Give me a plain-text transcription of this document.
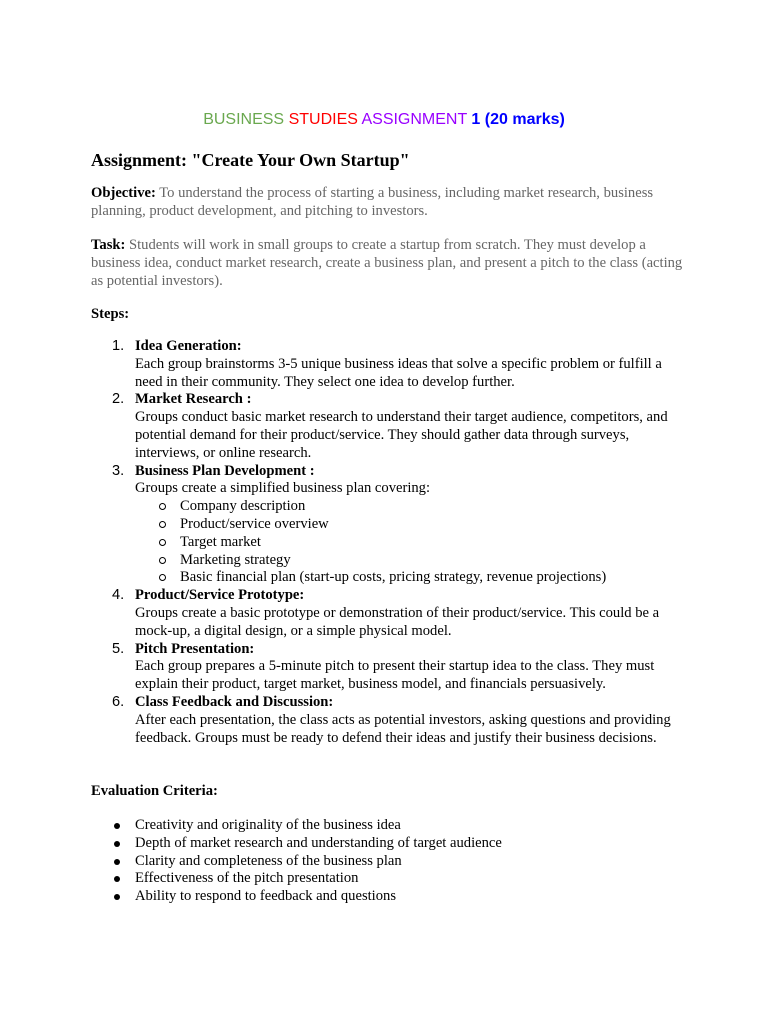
BUSINESS STUDIES ASSIGNMENT 1 (20 marks)
Assignment: "Create Your Own Startup"

Objective: To understand the process of starting a business, including market research, business planning, product development, and pitching to investors.

Task: Students will work in small groups to create a startup from scratch. They must develop a business idea, conduct market research, create a business plan, and present a pitch to the class (acting as potential investors).

Steps:

1. Idea Generation:
Each group brainstorms 3-5 unique business ideas that solve a specific problem or fulfill a need in their community. They select one idea to develop further.
2. Market Research :
Groups conduct basic market research to understand their target audience, competitors, and potential demand for their product/service. They should gather data through surveys, interviews, or online research.
3. Business Plan Development :
Groups create a simplified business plan covering:
Company description
Product/service overview
Target market
Marketing strategy
Basic financial plan (start-up costs, pricing strategy, revenue projections)
4. Product/Service Prototype:
Groups create a basic prototype or demonstration of their product/service. This could be a mock-up, a digital design, or a simple physical model.
5. Pitch Presentation:
Each group prepares a 5-minute pitch to present their startup idea to the class. They must explain their product, target market, business model, and financials persuasively.
6. Class Feedback and Discussion:
After each presentation, the class acts as potential investors, asking questions and providing feedback. Groups must be ready to defend their ideas and justify their business decisions.

Evaluation Criteria:

Creativity and originality of the business idea
Depth of market research and understanding of target audience
Clarity and completeness of the business plan
Effectiveness of the pitch presentation
Ability to respond to feedback and questions
